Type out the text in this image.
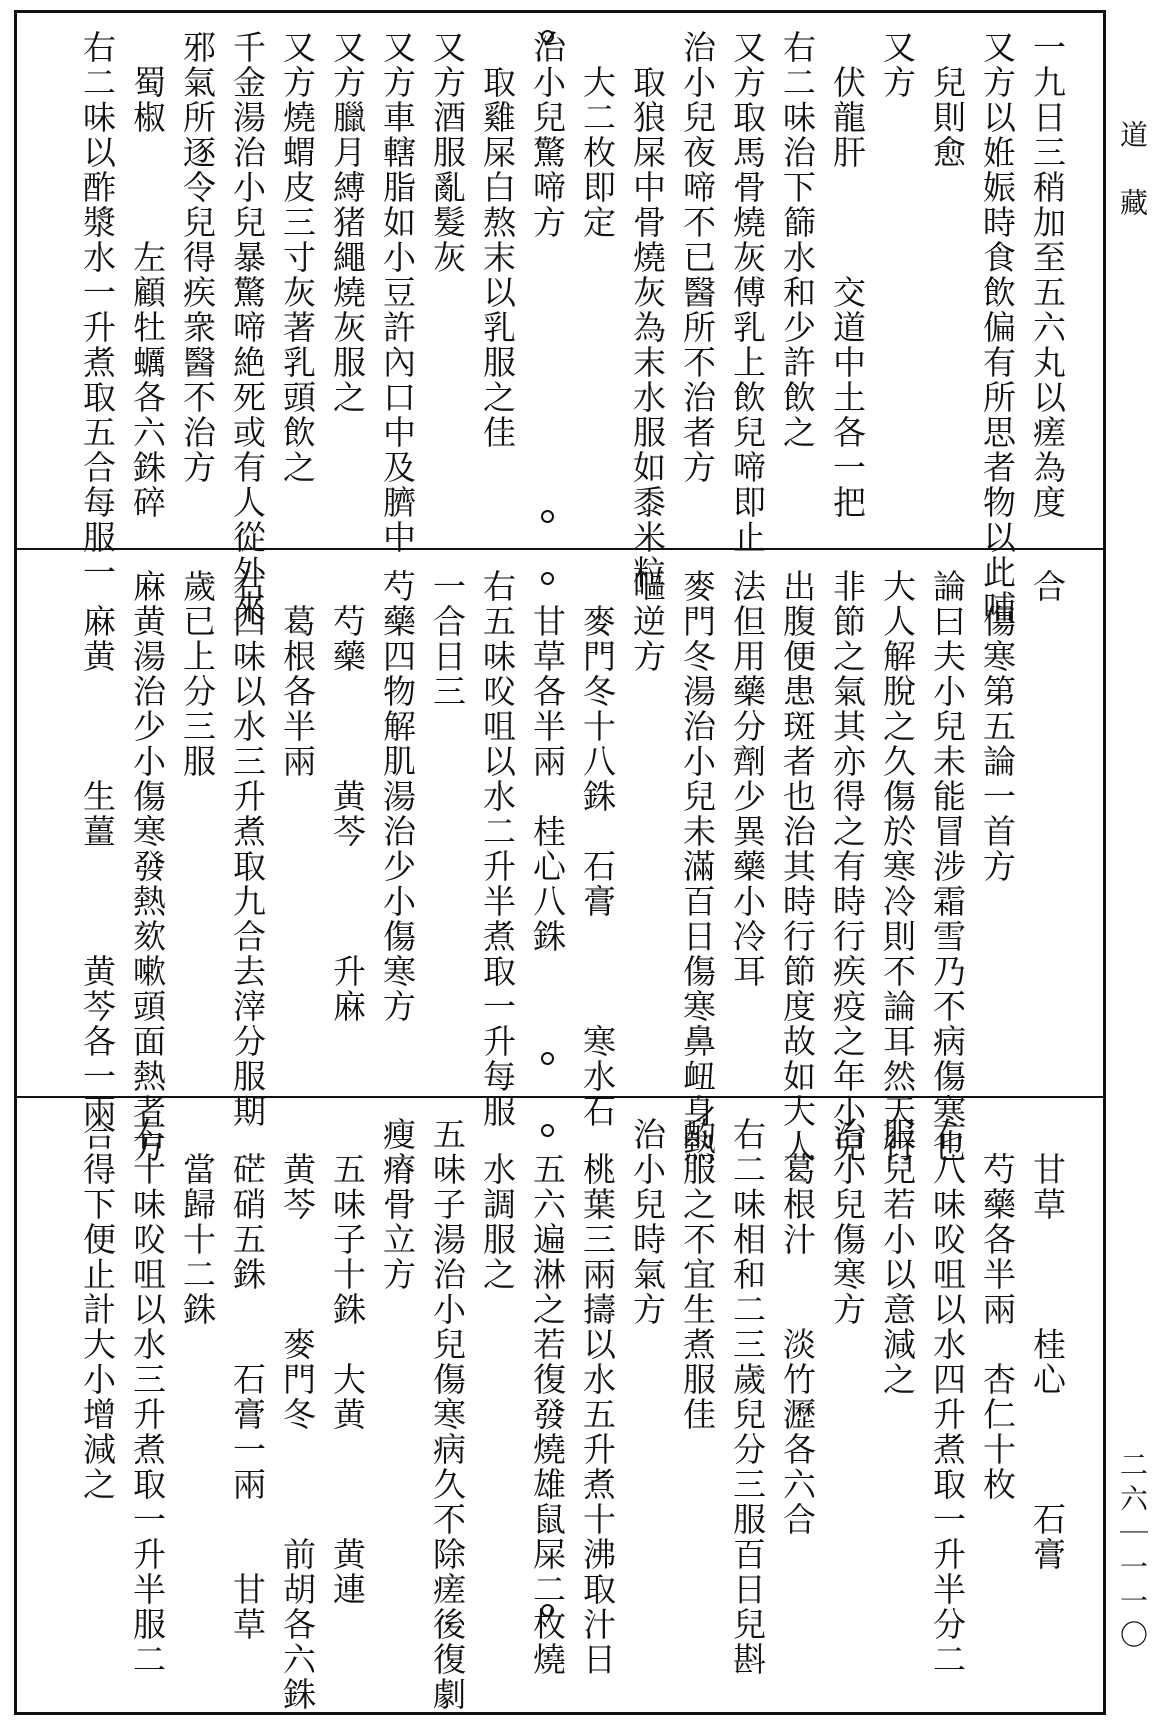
道　藏
二六｜一一〇
一九日三稍加至五六丸以瘥為度
又方以姙娠時食飲偏有所思者物以此哺
　兒則愈
又方
　伏龍肝　　　交道中土各一把
右二味治下篩水和少許飲之
又方取馬骨燒灰傅乳上飲兒啼即止
治小兒夜啼不已醫所不治者方
　取狼屎中骨燒灰為末水服如黍米粒
　大二枚即定
治小兒驚啼方
　取雞屎白熬末以乳服之佳
又方酒服亂髮灰
又方車轄脂如小豆許內口中及臍中
又方臘月縛猪繩燒灰服之
又方燒蝟皮三寸灰著乳頭飲之
千金湯治小兒暴驚啼絶死或有人從外來
邪氣所逐令兒得疾衆醫不治方
　蜀椒　　　左顧牡蠣各六銖碎
右二味以酢漿水一升煮取五合每服一	合
　傷寒第五論一首方
論曰夫小兒未能冒涉霜雪乃不病傷寒也
大人解脫之久傷於寒冷則不論耳然天行
非節之氣其亦得之有時行疾疫之年小兒
出腹便患斑者也治其時行節度故如大人
法但用藥分劑少異藥小冷耳
麥門冬湯治小兒未滿百日傷寒鼻衄身熱
嘔逆方
　麥門冬十八銖　石膏　　　寒水石
　甘草各半兩　桂心八銖
右五味㕮咀以水二升半煮取一升每服
一合日三
芍藥四物解肌湯治少小傷寒方
　芍藥　　　黄芩　　　升麻
　葛根各半兩
右四味以水三升煮取九合去滓分服期
歲已上分三服
麻黄湯治少小傷寒發熱欬嗽頭面熱者方
　麻黄　　　生薑　　　黄芩各一兩
　甘草　　　桂心　　　石膏
　芍藥各半兩　杏仁十枚
右八味㕮咀以水四升煮取一升半分二
服兒若小以意減之
治小兒傷寒方
　葛根汁　　淡竹瀝各六合
右二味相和二三歲兒分三服百日兒斟
酌服之不宜生煮服佳
治小兒時氣方
　桃葉三兩擣以水五升煮十沸取汁日
　五六遍淋之若復發燒雄鼠屎二枚燒
　水調服之
五味子湯治小兒傷寒病久不除瘥後復劇
瘦瘠骨立方
　五味子十銖　大黄　　　黄連
　黄芩　　　麥門冬　　　前胡各六銖
　硭硝五銖　　石膏一兩　　甘草
　當歸十二銖
右十味㕮咀以水三升煮取一升半服二
合得下便止計大小增減之
